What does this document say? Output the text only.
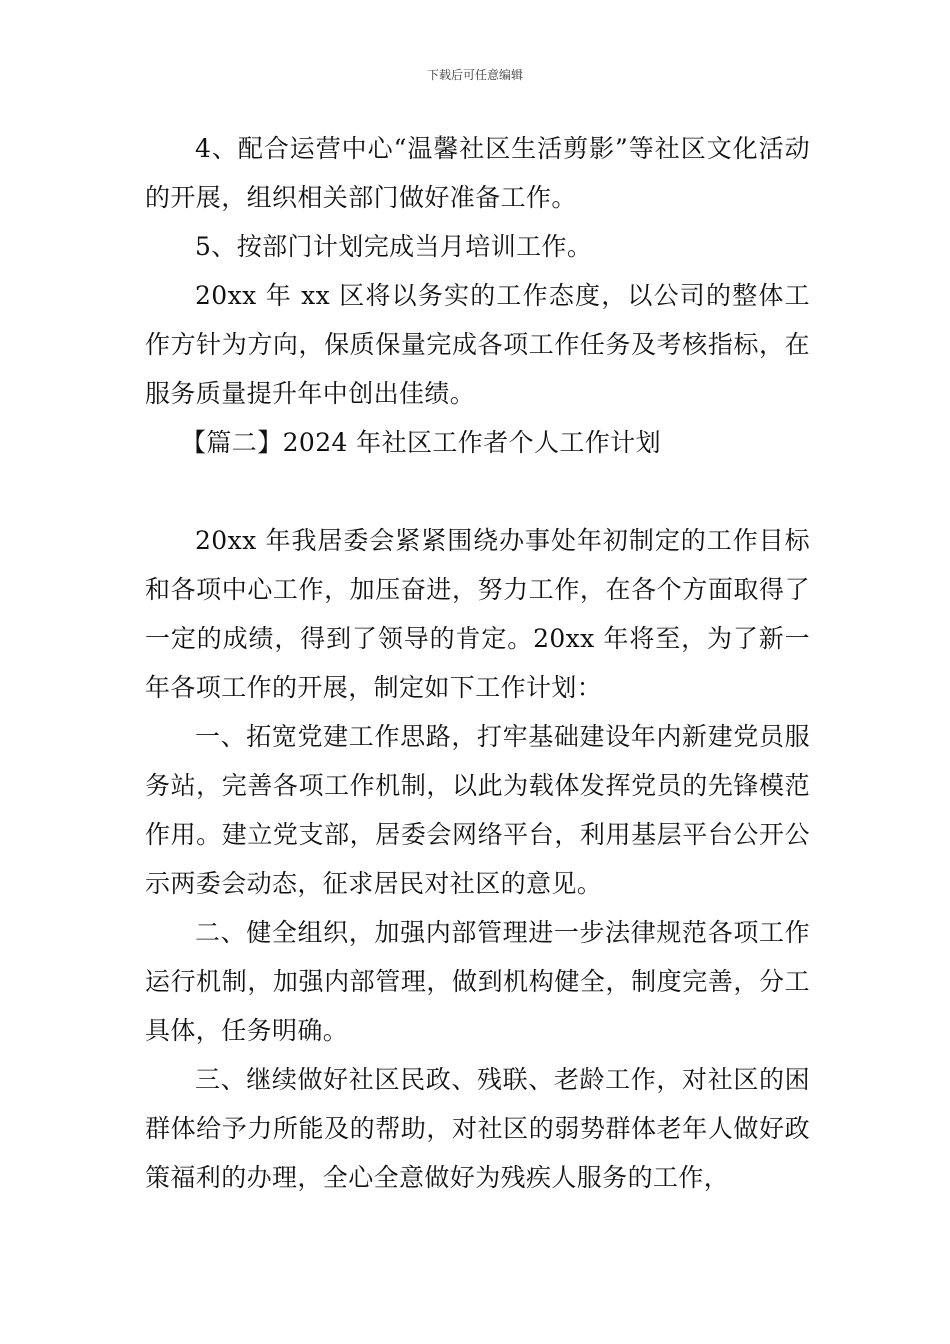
下载后可任意编辑

4、配合运营中心“温馨社区生活剪影”等社区文化活动的开展，组织相关部门做好准备工作。

5、按部门计划完成当月培训工作。

20xx 年 xx 区将以务实的工作态度，以公司的整体工作方针为方向，保质保量完成各项工作任务及考核指标，在服务质量提升年中创出佳绩。

【篇二】2024 年社区工作者个人工作计划

20xx 年我居委会紧紧围绕办事处年初制定的工作目标和各项中心工作，加压奋进，努力工作，在各个方面取得了一定的成绩，得到了领导的肯定。20xx 年将至，为了新一年各项工作的开展，制定如下工作计划：

一、拓宽党建工作思路，打牢基础建设年内新建党员服务站，完善各项工作机制，以此为载体发挥党员的先锋模范作用。建立党支部，居委会网络平台，利用基层平台公开公示两委会动态，征求居民对社区的意见。

二、健全组织，加强内部管理进一步法律规范各项工作运行机制，加强内部管理，做到机构健全，制度完善，分工具体，任务明确。

三、继续做好社区民政、残联、老龄工作，对社区的困群体给予力所能及的帮助，对社区的弱势群体老年人做好政策福利的办理，全心全意做好为残疾人服务的工作，
